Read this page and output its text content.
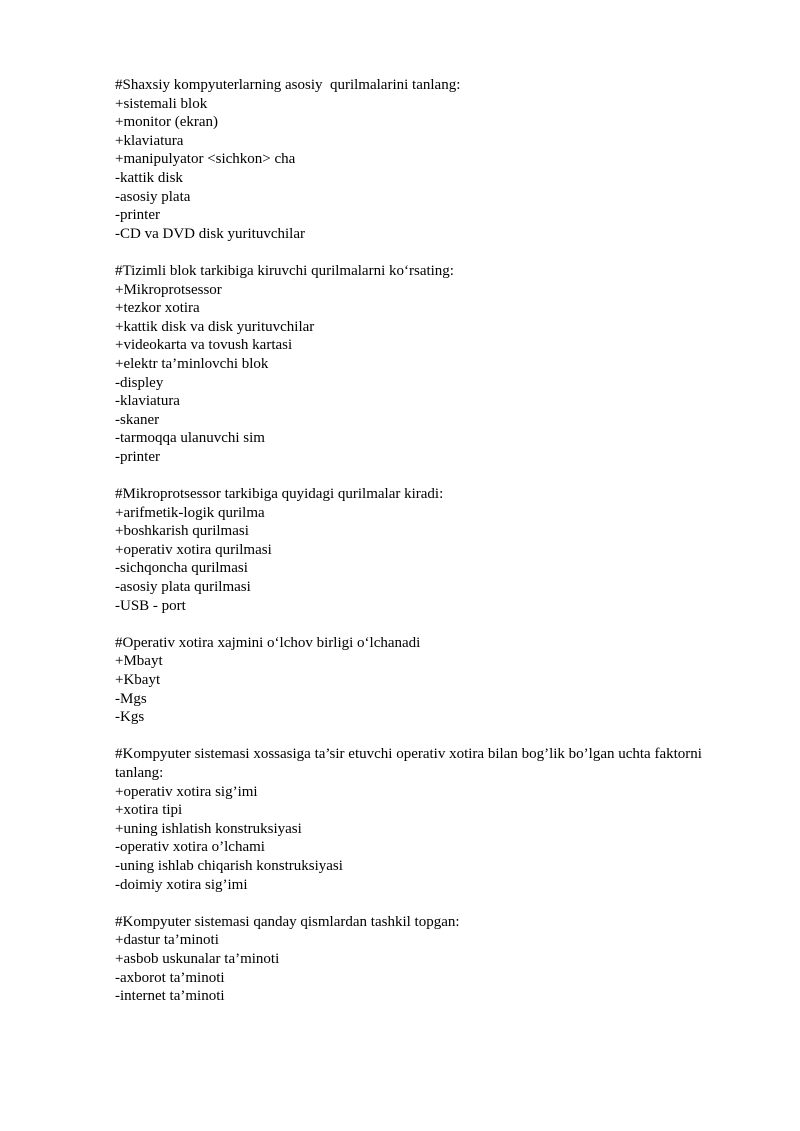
#Shaxsiy kompyuterlarning asosiy  qurilmalarini tanlang:
+sistemali blok
+monitor (ekran)
+klaviatura
+manipulyator <sichkon> cha
-kattik disk
-asosiy plata
-printer
-CD va DVD disk yurituvchilar
#Tizimli blok tarkibiga kiruvchi qurilmalarni koʻrsating:
+Mikroprotsessor
+tezkor xotira
+kattik disk va disk yurituvchilar
+videokarta va tovush kartasi
+elektr ta’minlovchi blok
-displey
-klaviatura
-skaner
-tarmoqqa ulanuvchi sim
-printer
#Mikroprotsessor tarkibiga quyidagi qurilmalar kiradi:
+arifmetik-logik qurilma
+boshkarish qurilmasi
+operativ xotira qurilmasi
-sichqoncha qurilmasi
-asosiy plata qurilmasi
-USB - port
#Operativ xotira xajmini oʻlchov birligi oʻlchanadi
+Mbayt
+Kbayt
-Mgs
-Kgs
#Kompyuter sistemasi xossasiga ta’sir etuvchi operativ xotira bilan bog’lik bo’lgan uchta faktorni tanlang:
+operativ xotira sig’imi
+xotira tipi
+uning ishlatish konstruksiyasi
-operativ xotira o’lchami
-uning ishlab chiqarish konstruksiyasi
-doimiy xotira sig’imi
#Kompyuter sistemasi qanday qismlardan tashkil topgan:
+dastur ta’minoti
+asbob uskunalar ta’minoti
-axborot ta’minoti
-internet ta’minoti
